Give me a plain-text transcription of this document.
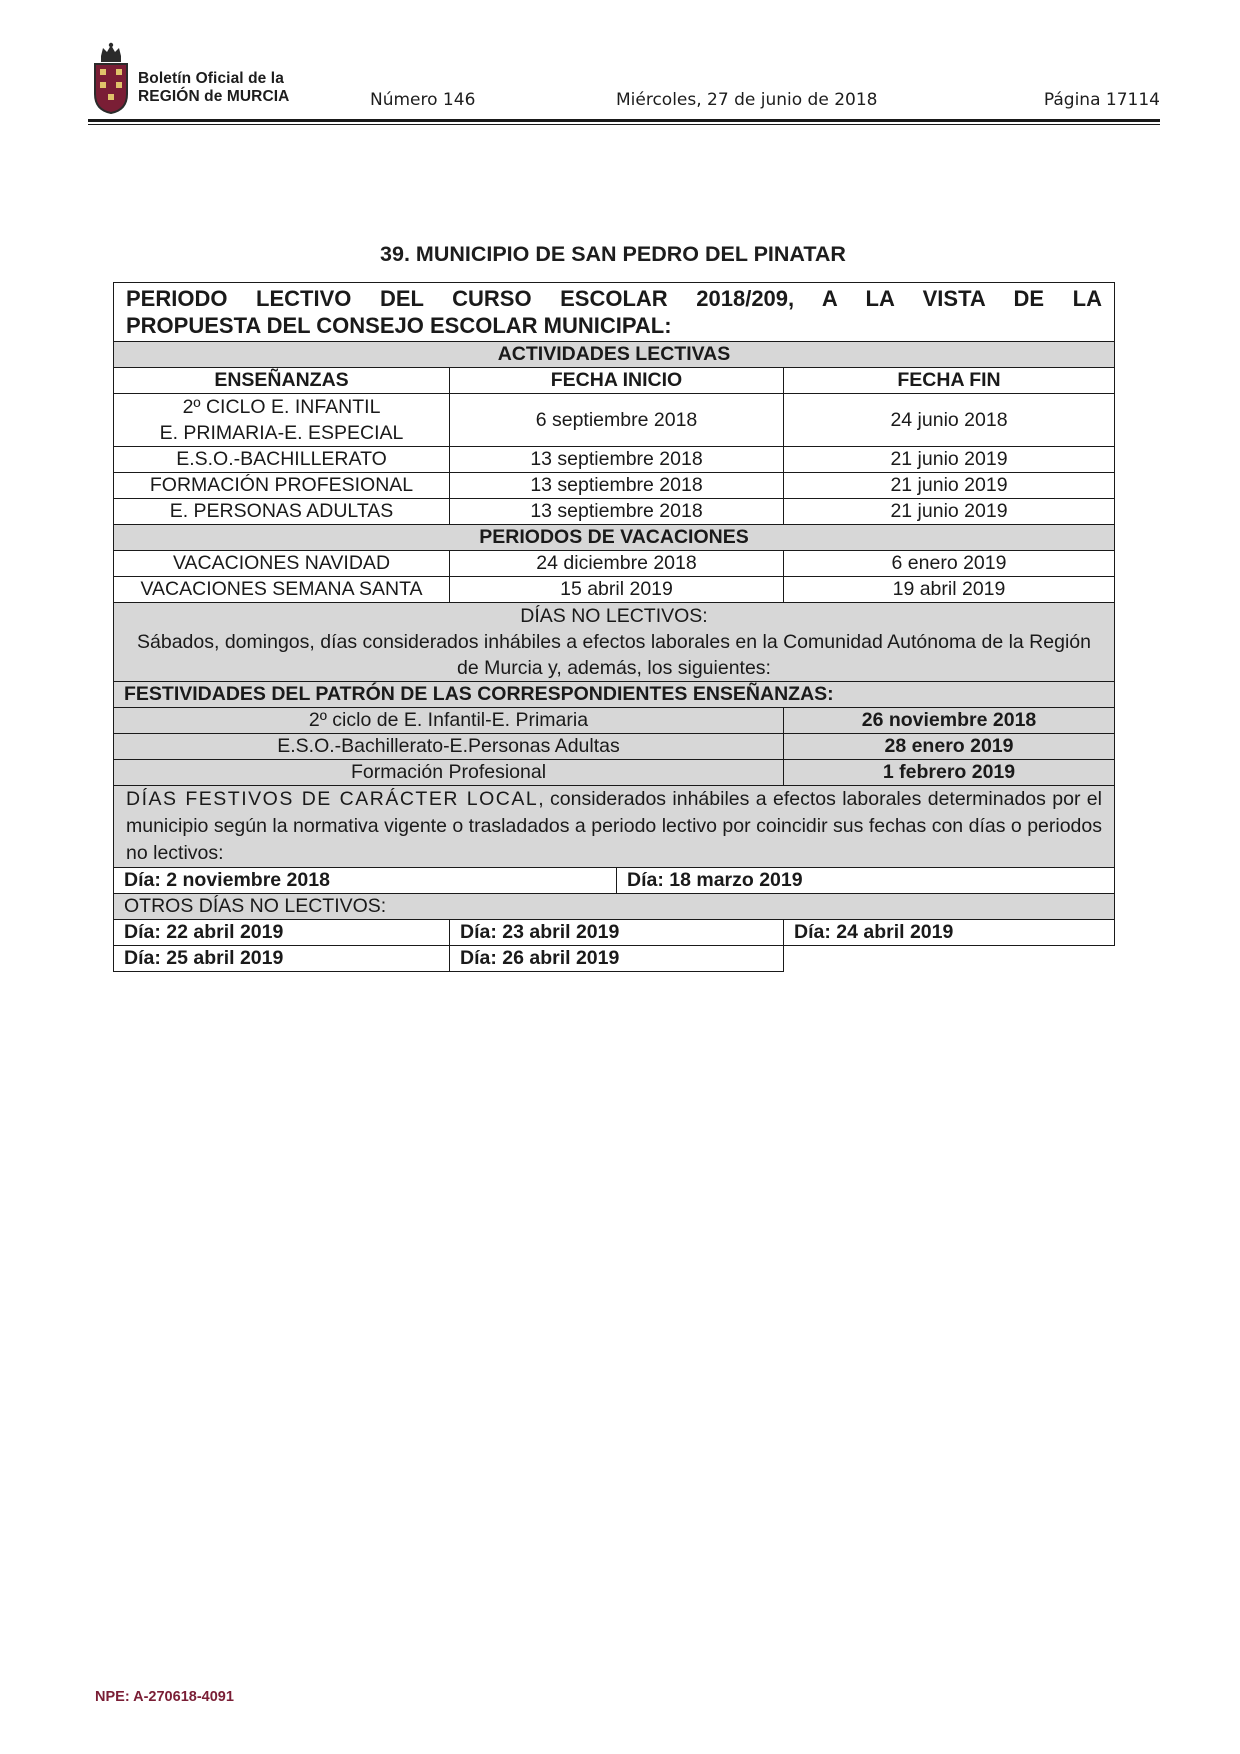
Boletín Oficial de la
REGIÓN de MURCIA	Número 146	Miércoles, 27 de junio de 2018	Página 17114
39. MUNICIPIO DE SAN PEDRO DEL PINATAR
PERIODO LECTIVO DEL CURSO ESCOLAR 2018/209, A LA VISTA DE LA
PROPUESTA DEL CONSEJO ESCOLAR MUNICIPAL:			

ACTIVIDADES LECTIVAS			
ENSEÑANZAS	FECHA INICIO		FECHA FIN

2º CICLO E. INFANTIL
E. PRIMARIA-E. ESPECIAL	6 septiembre 2018		24 junio 2018
E.S.O.-BACHILLERATO	13 septiembre 2018		21 junio 2019
FORMACIÓN PROFESIONAL	13 septiembre 2018		21 junio 2019
E. PERSONAS ADULTAS	13 septiembre 2018		21 junio 2019
PERIODOS DE VACACIONES			
VACACIONES NAVIDAD	24 diciembre 2018		6 enero 2019
VACACIONES SEMANA SANTA	15 abril 2019		19 abril 2019

DÍAS NO LECTIVOS:
Sábados, domingos, días considerados inhábiles a efectos laborales en la Comunidad Autónoma de la Región de Murcia y, además, los siguientes:			

FESTIVIDADES DEL PATRÓN DE LAS CORRESPONDIENTES ENSEÑANZAS:			
2º ciclo de E. Infantil-E. Primaria			26 noviembre 2018
E.S.O.-Bachillerato-E.Personas Adultas			28 enero 2019
Formación Profesional			1 febrero 2019
DÍAS FESTIVOS DE CARÁCTER LOCAL, considerados inhábiles a efectos laborales determinados por el municipio según la normativa vigente o trasladados a periodo lectivo por coincidir sus fechas con días o periodos no lectivos:			
Día: 2 noviembre 2018		Día: 18 marzo 2019	
OTROS DÍAS NO LECTIVOS:			
Día: 22 abril 2019	Día: 23 abril 2019		Día: 24 abril 2019
Día: 25 abril 2019	Día: 26 abril 2019		
NPE: A-270618-4091
